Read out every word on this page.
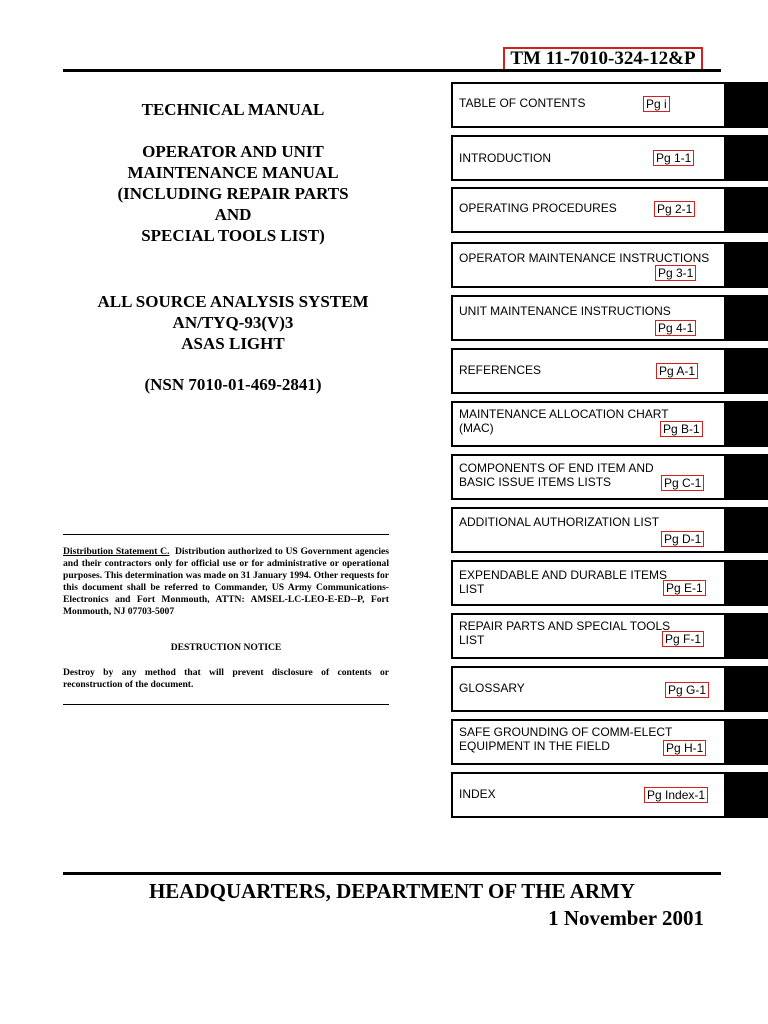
TM 11-7010-324-12&P
TECHNICAL MANUAL
OPERATOR AND UNIT
MAINTENANCE MANUAL
(INCLUDING REPAIR PARTS
AND
SPECIAL TOOLS LIST)
ALL SOURCE ANALYSIS SYSTEM
AN/TYQ-93(V)3
ASAS LIGHT
(NSN 7010-01-469-2841)
Distribution Statement C. Distribution authorized to US Government agencies and their contractors only for official use or for administrative or operational purposes. This determination was made on 31 January 1994. Other requests for this document shall be referred to Commander, US Army Communications-Electronics and Fort Monmouth, ATTN: AMSEL-LC-LEO-E-ED--P, Fort Monmouth, NJ 07703-5007
DESTRUCTION NOTICE
Destroy by any method that will prevent disclosure of contents or reconstruction of the document.
TABLE OF CONTENTS	Pg i
INTRODUCTION	Pg 1-1
OPERATING PROCEDURES	Pg 2-1
OPERATOR MAINTENANCE INSTRUCTIONS
Pg 3-1
UNIT MAINTENANCE INSTRUCTIONS
Pg 4-1
REFERENCES	Pg A-1
MAINTENANCE ALLOCATION CHART
(MAC)	Pg B-1
COMPONENTS OF END ITEM AND
BASIC ISSUE ITEMS LISTS	Pg C-1
ADDITIONAL AUTHORIZATION LIST
Pg D-1
EXPENDABLE AND DURABLE ITEMS
LIST	Pg E-1
REPAIR PARTS AND SPECIAL TOOLS
LIST	Pg F-1
GLOSSARY	Pg G-1
SAFE GROUNDING OF COMM-ELECT
EQUIPMENT IN THE FIELD	Pg H-1
INDEX	Pg Index-1
HEADQUARTERS, DEPARTMENT OF THE ARMY
1 November 2001
